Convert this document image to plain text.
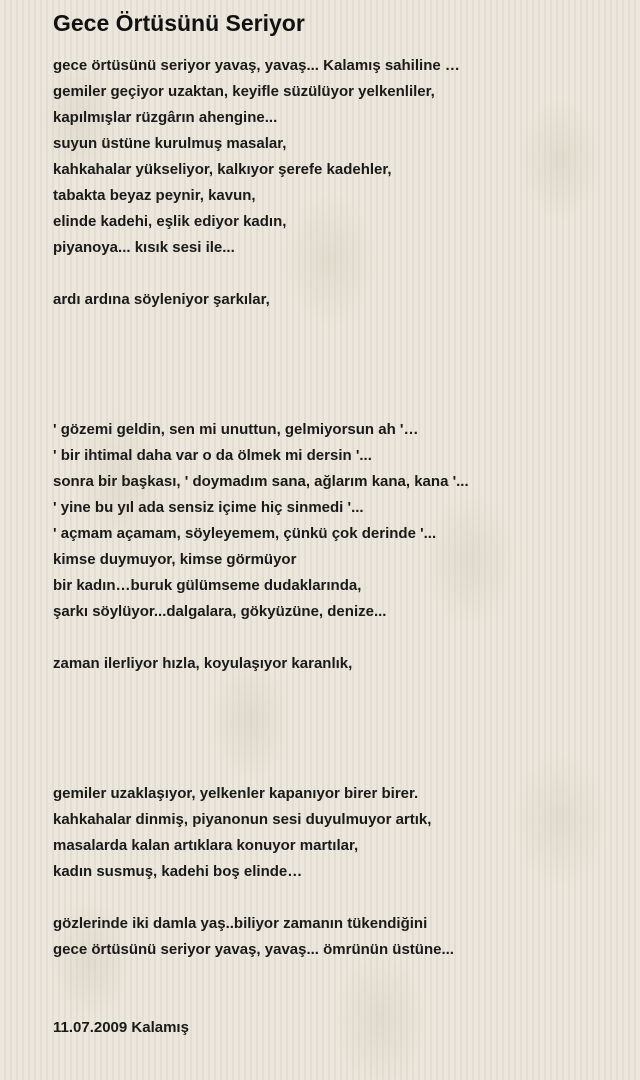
Gece Örtüsünü Seriyor
gece örtüsünü seriyor yavaş, yavaş... Kalamış sahiline …
gemiler geçiyor uzaktan, keyifle süzülüyor yelkenliler,
kapılmışlar rüzgârın ahengine...
suyun üstüne kurulmuş masalar,
kahkahalar yükseliyor, kalkıyor şerefe kadehler,
tabakta beyaz peynir, kavun,
elinde kadehi, eşlik ediyor kadın,
piyanoya... kısık sesi ile...
ardı ardına söyleniyor şarkılar,
' gözemi geldin, sen mi unuttun, gelmiyorsun ah '…
' bir ihtimal daha var o da ölmek mi dersin '...
sonra bir başkası, ' doymadım sana, ağlarım kana, kana '...
' yine bu yıl ada sensiz içime hiç sinmedi '...
' açmam açamam, söyleyemem, çünkü çok derinde '...
kimse duymuyor, kimse görmüyor
bir kadın…buruk gülümseme dudaklarında,
şarkı söylüyor...dalgalara, gökyüzüne, denize...
zaman ilerliyor hızla, koyulaşıyor karanlık,
gemiler uzaklaşıyor, yelkenler kapanıyor birer birer.
kahkahalar dinmiş, piyanonun sesi duyulmuyor artık,
masalarda kalan artıklara konuyor martılar,
kadın susmuş, kadehi boş elinde…
gözlerinde iki damla yaş..biliyor zamanın tükendiğini
gece örtüsünü seriyor yavaş, yavaş... ömrünün üstüne...
11.07.2009 Kalamış
